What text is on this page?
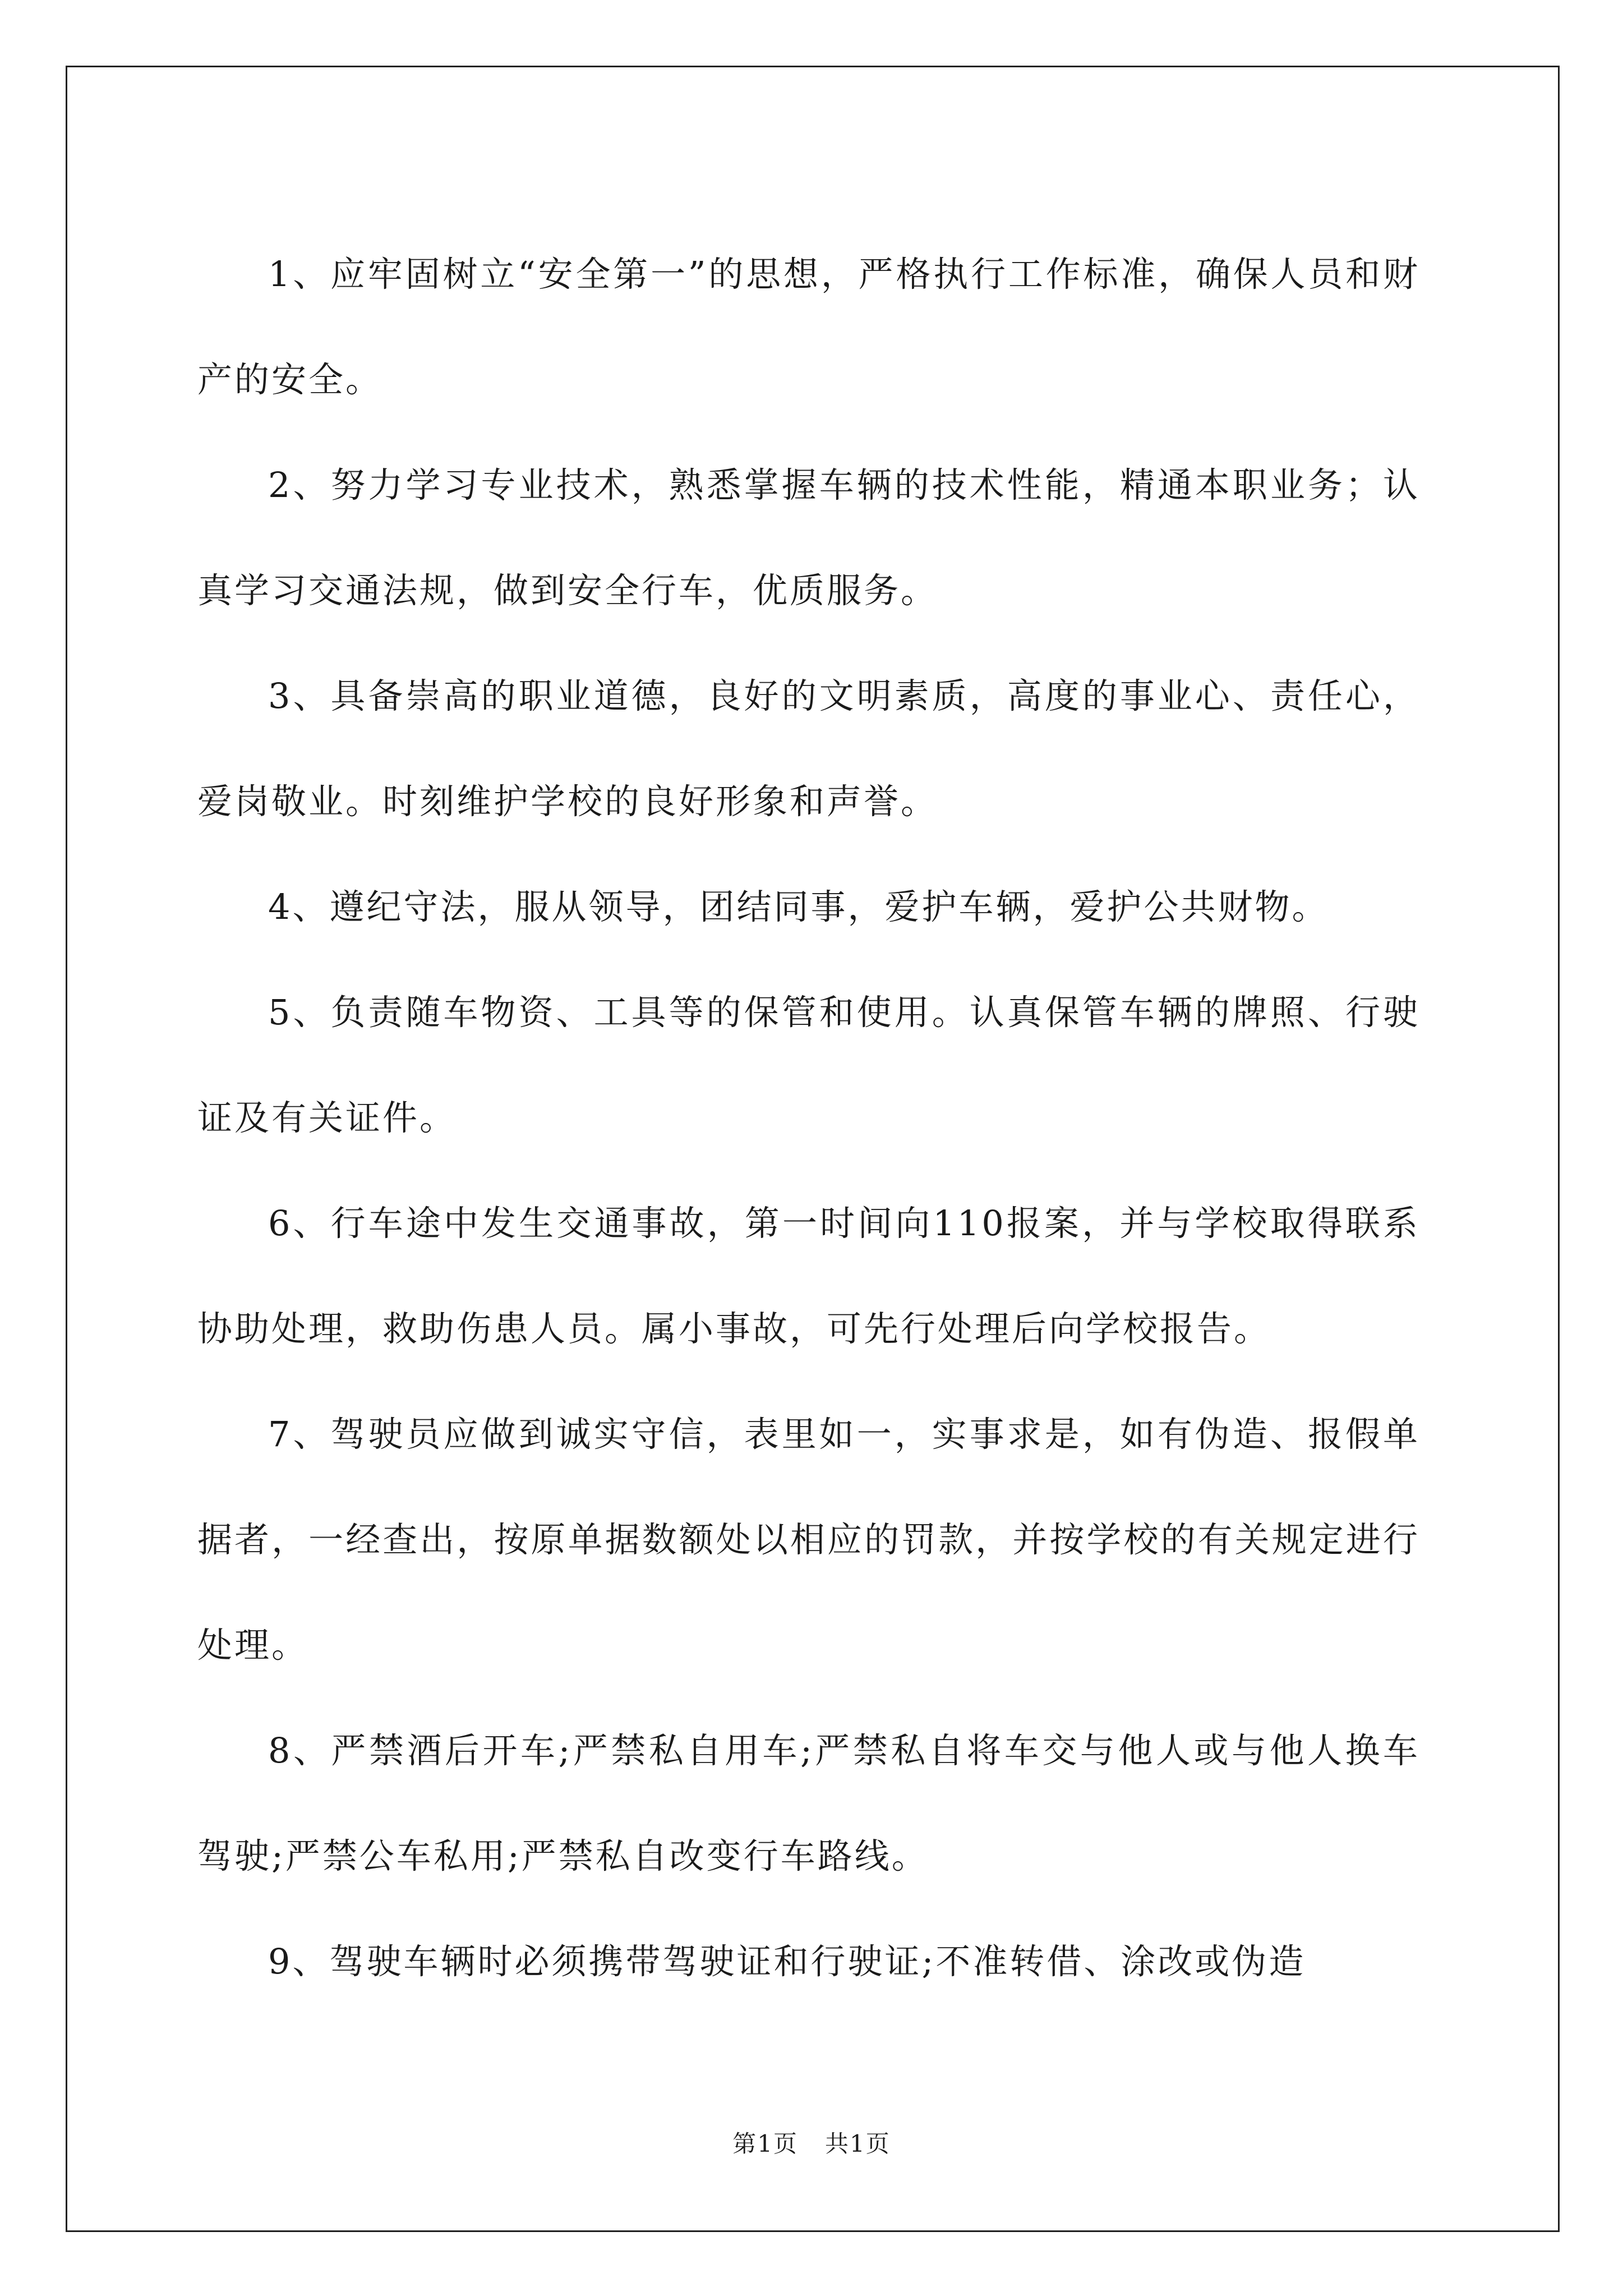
1、应牢固树立“安全第一”的思想，严格执行工作标准，确保人员和财产的安全。

2、努力学习专业技术，熟悉掌握车辆的技术性能，精通本职业务；认真学习交通法规，做到安全行车，优质服务。

3、具备崇高的职业道德，良好的文明素质，高度的事业心、责任心，爱岗敬业。时刻维护学校的良好形象和声誉。

4、遵纪守法，服从领导，团结同事，爱护车辆，爱护公共财物。

5、负责随车物资、工具等的保管和使用。认真保管车辆的牌照、行驶证及有关证件。

6、行车途中发生交通事故，第一时间向110报案，并与学校取得联系协助处理，救助伤患人员。属小事故，可先行处理后向学校报告。

7、驾驶员应做到诚实守信，表里如一，实事求是，如有伪造、报假单据者，一经查出，按原单据数额处以相应的罚款，并按学校的有关规定进行处理。

8、严禁酒后开车;严禁私自用车;严禁私自将车交与他人或与他人换车驾驶;严禁公车私用;严禁私自改变行车路线。

9、驾驶车辆时必须携带驾驶证和行驶证;不准转借、涂改或伪造

第1页 共1页
